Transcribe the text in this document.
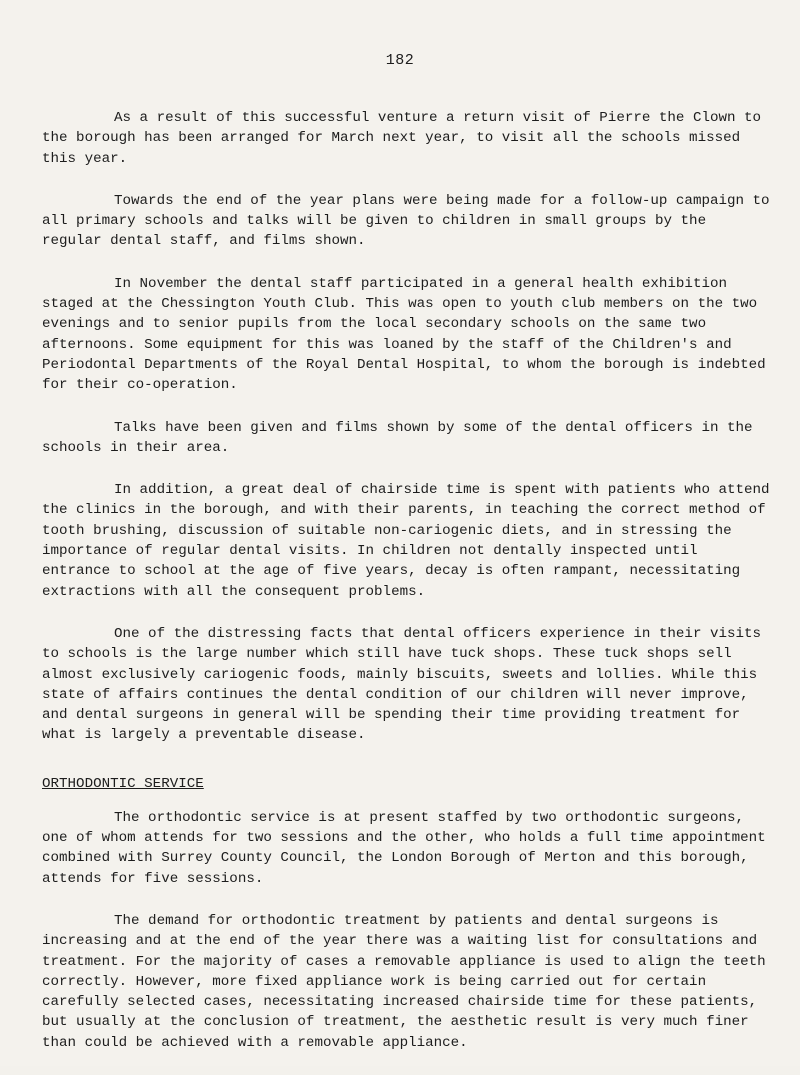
182

As a result of this successful venture a return visit of Pierre the Clown to the borough has been arranged for March next year, to visit all the schools missed this year.

Towards the end of the year plans were being made for a follow-up campaign to all primary schools and talks will be given to children in small groups by the regular dental staff, and films shown.

In November the dental staff participated in a general health exhibition staged at the Chessington Youth Club. This was open to youth club members on the two evenings and to senior pupils from the local secondary schools on the same two afternoons. Some equipment for this was loaned by the staff of the Children's and Periodontal Departments of the Royal Dental Hospital, to whom the borough is indebted for their co-operation.

Talks have been given and films shown by some of the dental officers in the schools in their area.

In addition, a great deal of chairside time is spent with patients who attend the clinics in the borough, and with their parents, in teaching the correct method of tooth brushing, discussion of suitable non-cariogenic diets, and in stressing the importance of regular dental visits. In children not dentally inspected until entrance to school at the age of five years, decay is often rampant, necessitating extractions with all the consequent problems.

One of the distressing facts that dental officers experience in their visits to schools is the large number which still have tuck shops. These tuck shops sell almost exclusively cariogenic foods, mainly biscuits, sweets and lollies. While this state of affairs continues the dental condition of our children will never improve, and dental surgeons in general will be spending their time providing treatment for what is largely a preventable disease.

ORTHODONTIC SERVICE

The orthodontic service is at present staffed by two orthodontic surgeons, one of whom attends for two sessions and the other, who holds a full time appointment combined with Surrey County Council, the London Borough of Merton and this borough, attends for five sessions.

The demand for orthodontic treatment by patients and dental surgeons is increasing and at the end of the year there was a waiting list for consultations and treatment. For the majority of cases a removable appliance is used to align the teeth correctly. However, more fixed appliance work is being carried out for certain carefully selected cases, necessitating increased chairside time for these patients, but usually at the conclusion of treatment, the aesthetic result is very much finer than could be achieved with a removable appliance.
